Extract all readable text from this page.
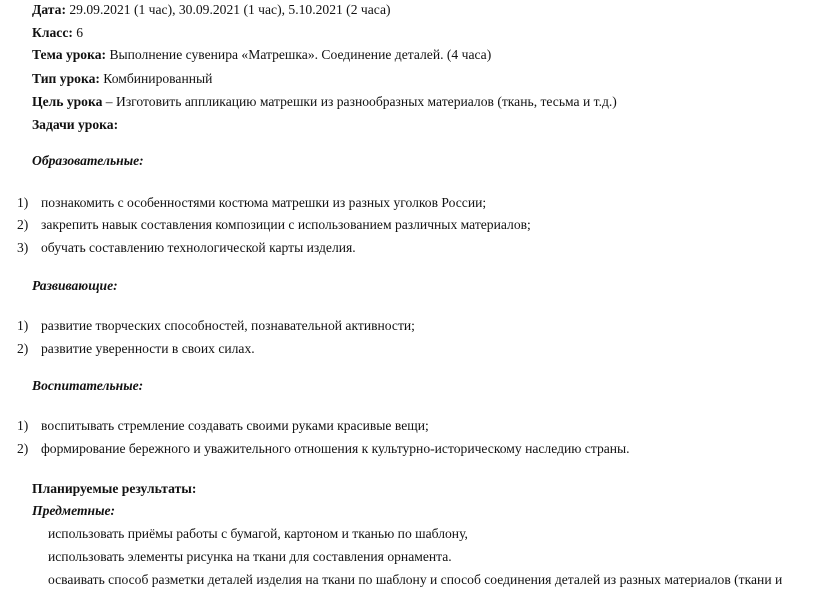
Дата: 29.09.2021 (1 час), 30.09.2021 (1 час), 5.10.2021 (2 часа)
Класс: 6
Тема урока: Выполнение сувенира «Матрешка». Соединение деталей. (4 часа)
Тип урока: Комбинированный
Цель урока – Изготовить аппликацию матрешки из разнообразных материалов (ткань, тесьма и т.д.)
Задачи урока:
Образовательные:
1) познакомить с особенностями костюма матрешки из разных уголков России;
2) закрепить навык составления композиции с использованием различных материалов;
3) обучать составлению технологической карты изделия.
Развивающие:
1) развитие творческих способностей, познавательной активности;
2) развитие уверенности в своих силах.
Воспитательные:
1) воспитывать стремление создавать своими руками красивые вещи;
2) формирование бережного и уважительного отношения к культурно-историческому наследию страны.
Планируемые результаты:
Предметные:
использовать приёмы работы с бумагой, картоном и тканью по шаблону,
использовать элементы рисунка на ткани для составления орнамента.
осваивать способ разметки деталей изделия на ткани по шаблону и способ соединения деталей из разных материалов (ткани и
